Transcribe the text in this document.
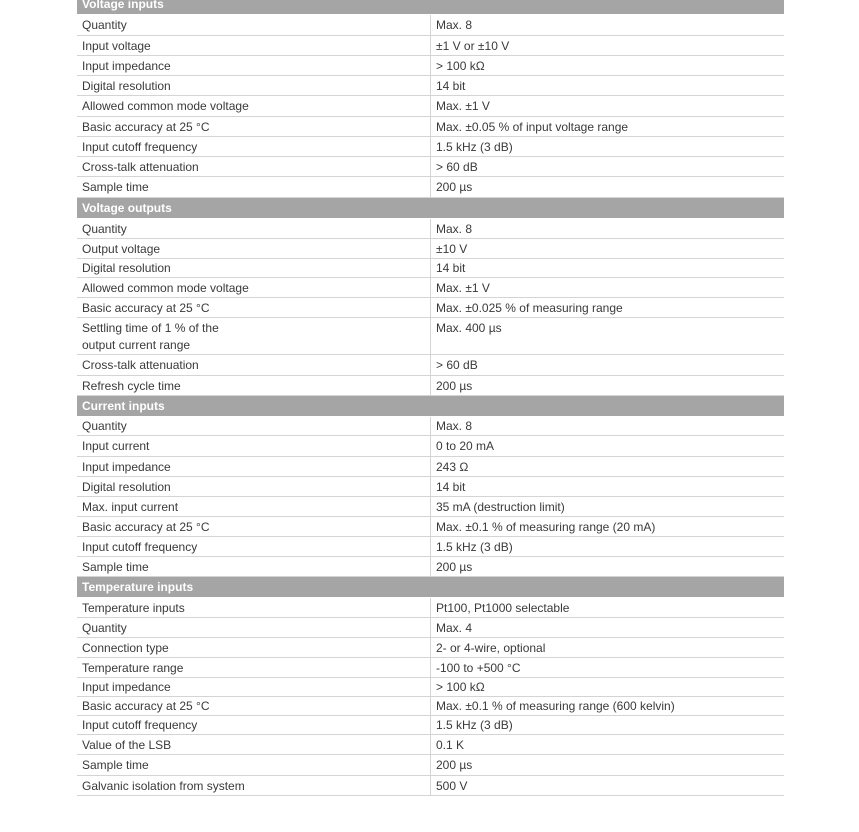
Voltage inputs	
Quantity	Max. 8
Input voltage	±1 V or ±10 V
Input impedance	> 100 kΩ
Digital resolution	14 bit
Allowed common mode voltage	Max. ±1 V
Basic accuracy at 25 °C	Max. ±0.05 % of input voltage range
Input cutoff frequency	1.5 kHz (3 dB)
Cross-talk attenuation	> 60 dB
Sample time	200 µs
Voltage outputs	
Quantity	Max. 8
Output voltage	±10 V
Digital resolution	14 bit
Allowed common mode voltage	Max. ±1 V
Basic accuracy at 25 °C	Max. ±0.025 % of measuring range
Settling time of 1 % of the
output current range	Max. 400 µs
Cross-talk attenuation	> 60 dB
Refresh cycle time	200 µs
Current inputs	
Quantity	Max. 8
Input current	0 to 20 mA
Input impedance	243 Ω
Digital resolution	14 bit
Max. input current	35 mA (destruction limit)
Basic accuracy at 25 °C	Max. ±0.1 % of measuring range (20 mA)
Input cutoff frequency	1.5 kHz (3 dB)
Sample time	200 µs
Temperature inputs	
Temperature inputs	Pt100, Pt1000 selectable
Quantity	Max. 4
Connection type	2- or 4-wire, optional
Temperature range	-100 to +500 °C
Input impedance	> 100 kΩ
Basic accuracy at 25 °C	Max. ±0.1 % of measuring range (600 kelvin)
Input cutoff frequency	1.5 kHz (3 dB)
Value of the LSB	0.1 K
Sample time	200 µs
Galvanic isolation from system	500 V
